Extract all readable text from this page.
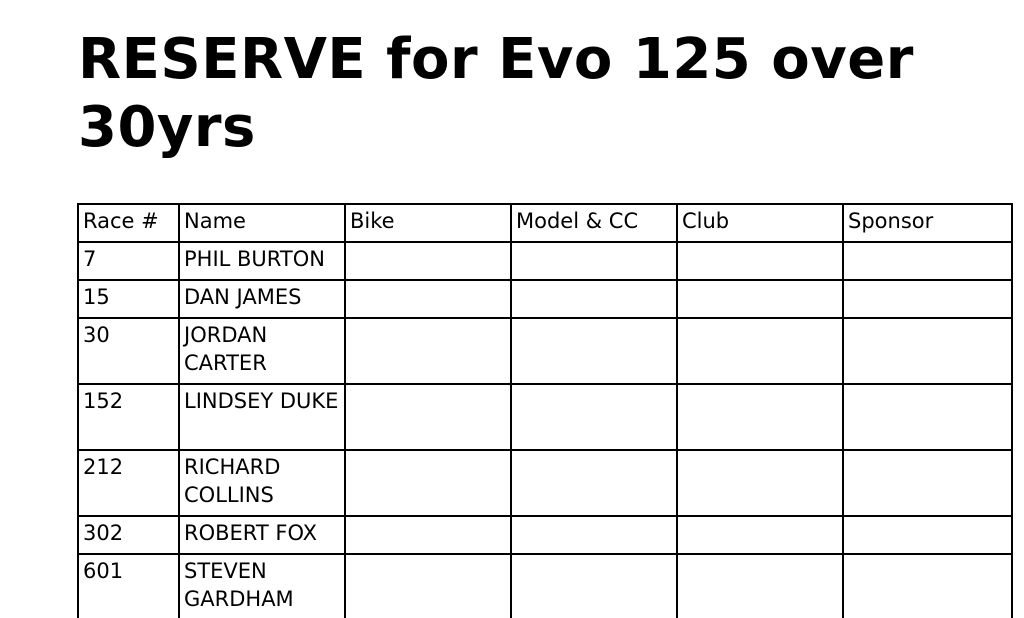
RESERVE for Evo 125 over 30yrs
Race #	Name	Bike	Model & CC	Club	Sponsor
7	PHIL BURTON				
15	DAN JAMES				
30	JORDAN CARTER				
152	LINDSEY DUKE				
212	RICHARD COLLINS				
302	ROBERT FOX				
601	STEVEN GARDHAM				
